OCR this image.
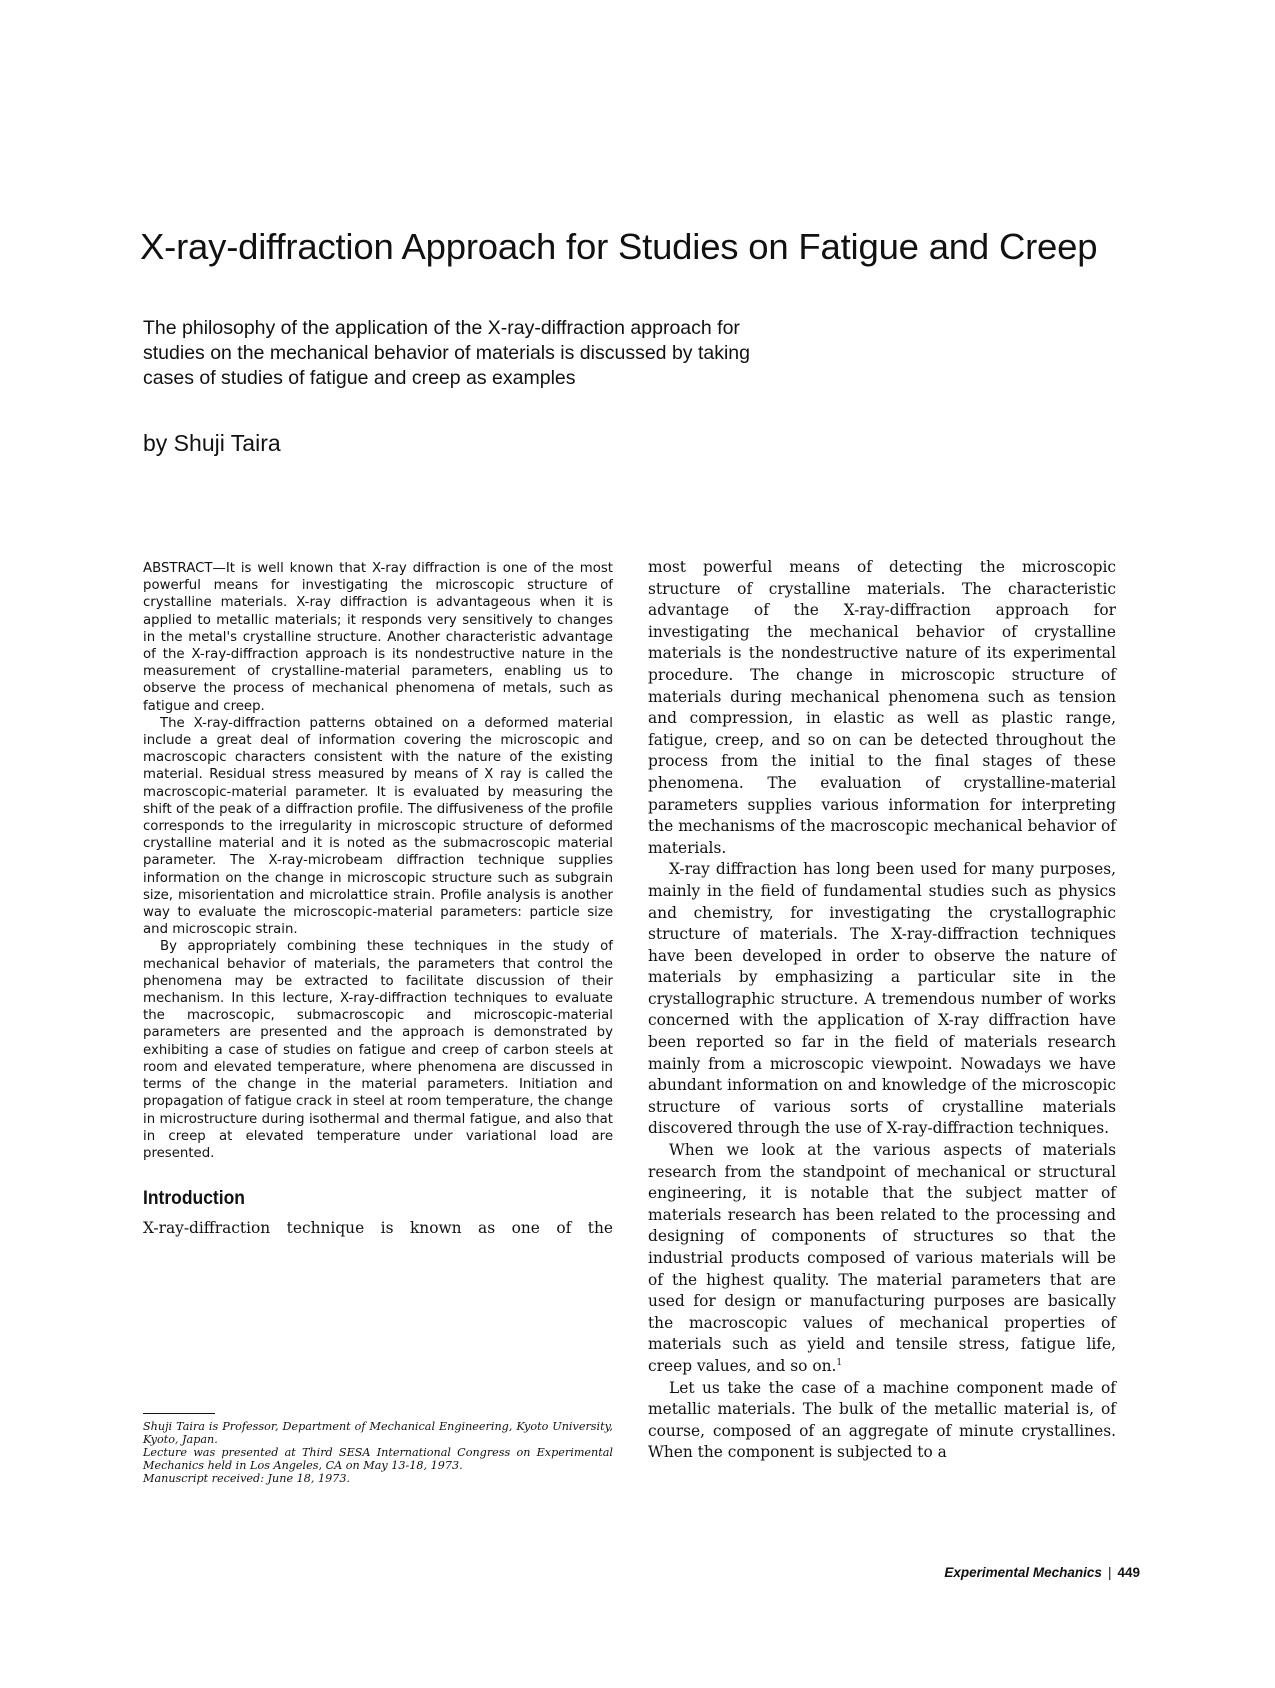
X-ray-diffraction Approach for Studies on Fatigue and Creep

The philosophy of the application of the X-ray-diffraction approach for studies on the mechanical behavior of materials is discussed by taking cases of studies of fatigue and creep as examples

by Shuji Taira

ABSTRACT—It is well known that X-ray diffraction is one of the most powerful means for investigating the microscopic structure of crystalline materials. X-ray diffraction is advantageous when it is applied to metallic materials; it responds very sensitively to changes in the metal's crystalline structure. Another characteristic advantage of the X-ray-diffraction approach is its nondestructive nature in the measurement of crystalline-material parameters, enabling us to observe the process of mechanical phenomena of metals, such as fatigue and creep.

The X-ray-diffraction patterns obtained on a deformed material include a great deal of information covering the microscopic and macroscopic characters consistent with the nature of the existing material. Residual stress measured by means of X ray is called the macroscopic-material parameter. It is evaluated by measuring the shift of the peak of a diffraction profile. The diffusiveness of the profile corresponds to the irregularity in microscopic structure of deformed crystalline material and it is noted as the submacroscopic material parameter. The X-ray-microbeam diffraction technique supplies information on the change in microscopic structure such as subgrain size, misorientation and microlattice strain. Profile analysis is another way to evaluate the microscopic-material parameters: particle size and microscopic strain.

By appropriately combining these techniques in the study of mechanical behavior of materials, the parameters that control the phenomena may be extracted to facilitate discussion of their mechanism. In this lecture, X-ray-diffraction techniques to evaluate the macroscopic, submacroscopic and microscopic-material parameters are presented and the approach is demonstrated by exhibiting a case of studies on fatigue and creep of carbon steels at room and elevated temperature, where phenomena are discussed in terms of the change in the material parameters. Initiation and propagation of fatigue crack in steel at room temperature, the change in microstructure during isothermal and thermal fatigue, and also that in creep at elevated temperature under variational load are presented.

Introduction

X-ray-diffraction technique is known as one of the

most powerful means of detecting the microscopic structure of crystalline materials. The characteristic advantage of the X-ray-diffraction approach for investigating the mechanical behavior of crystalline materials is the nondestructive nature of its experimental procedure. The change in microscopic structure of materials during mechanical phenomena such as tension and compression, in elastic as well as plastic range, fatigue, creep, and so on can be detected throughout the process from the initial to the final stages of these phenomena. The evaluation of crystalline-material parameters supplies various information for interpreting the mechanisms of the macroscopic mechanical behavior of materials.

X-ray diffraction has long been used for many purposes, mainly in the field of fundamental studies such as physics and chemistry, for investigating the crystallographic structure of materials. The X-ray-diffraction techniques have been developed in order to observe the nature of materials by emphasizing a particular site in the crystallographic structure. A tremendous number of works concerned with the application of X-ray diffraction have been reported so far in the field of materials research mainly from a microscopic viewpoint. Nowadays we have abundant information on and knowledge of the microscopic structure of various sorts of crystalline materials discovered through the use of X-ray-diffraction techniques.

When we look at the various aspects of materials research from the standpoint of mechanical or structural engineering, it is notable that the subject matter of materials research has been related to the processing and designing of components of structures so that the industrial products composed of various materials will be of the highest quality. The material parameters that are used for design or manufacturing purposes are basically the macroscopic values of mechanical properties of materials such as yield and tensile stress, fatigue life, creep values, and so on.$^1$

Let us take the case of a machine component made of metallic materials. The bulk of the metallic material is, of course, composed of an aggregate of minute crystallines. When the component is subjected to a

Shuji Taira is Professor, Department of Mechanical Engineering, Kyoto University, Kyoto, Japan.

Lecture was presented at Third SESA International Congress on Experimental Mechanics held in Los Angeles, CA on May 13-18, 1973.

Manuscript received: June 18, 1973.

Experimental Mechanics | 449
